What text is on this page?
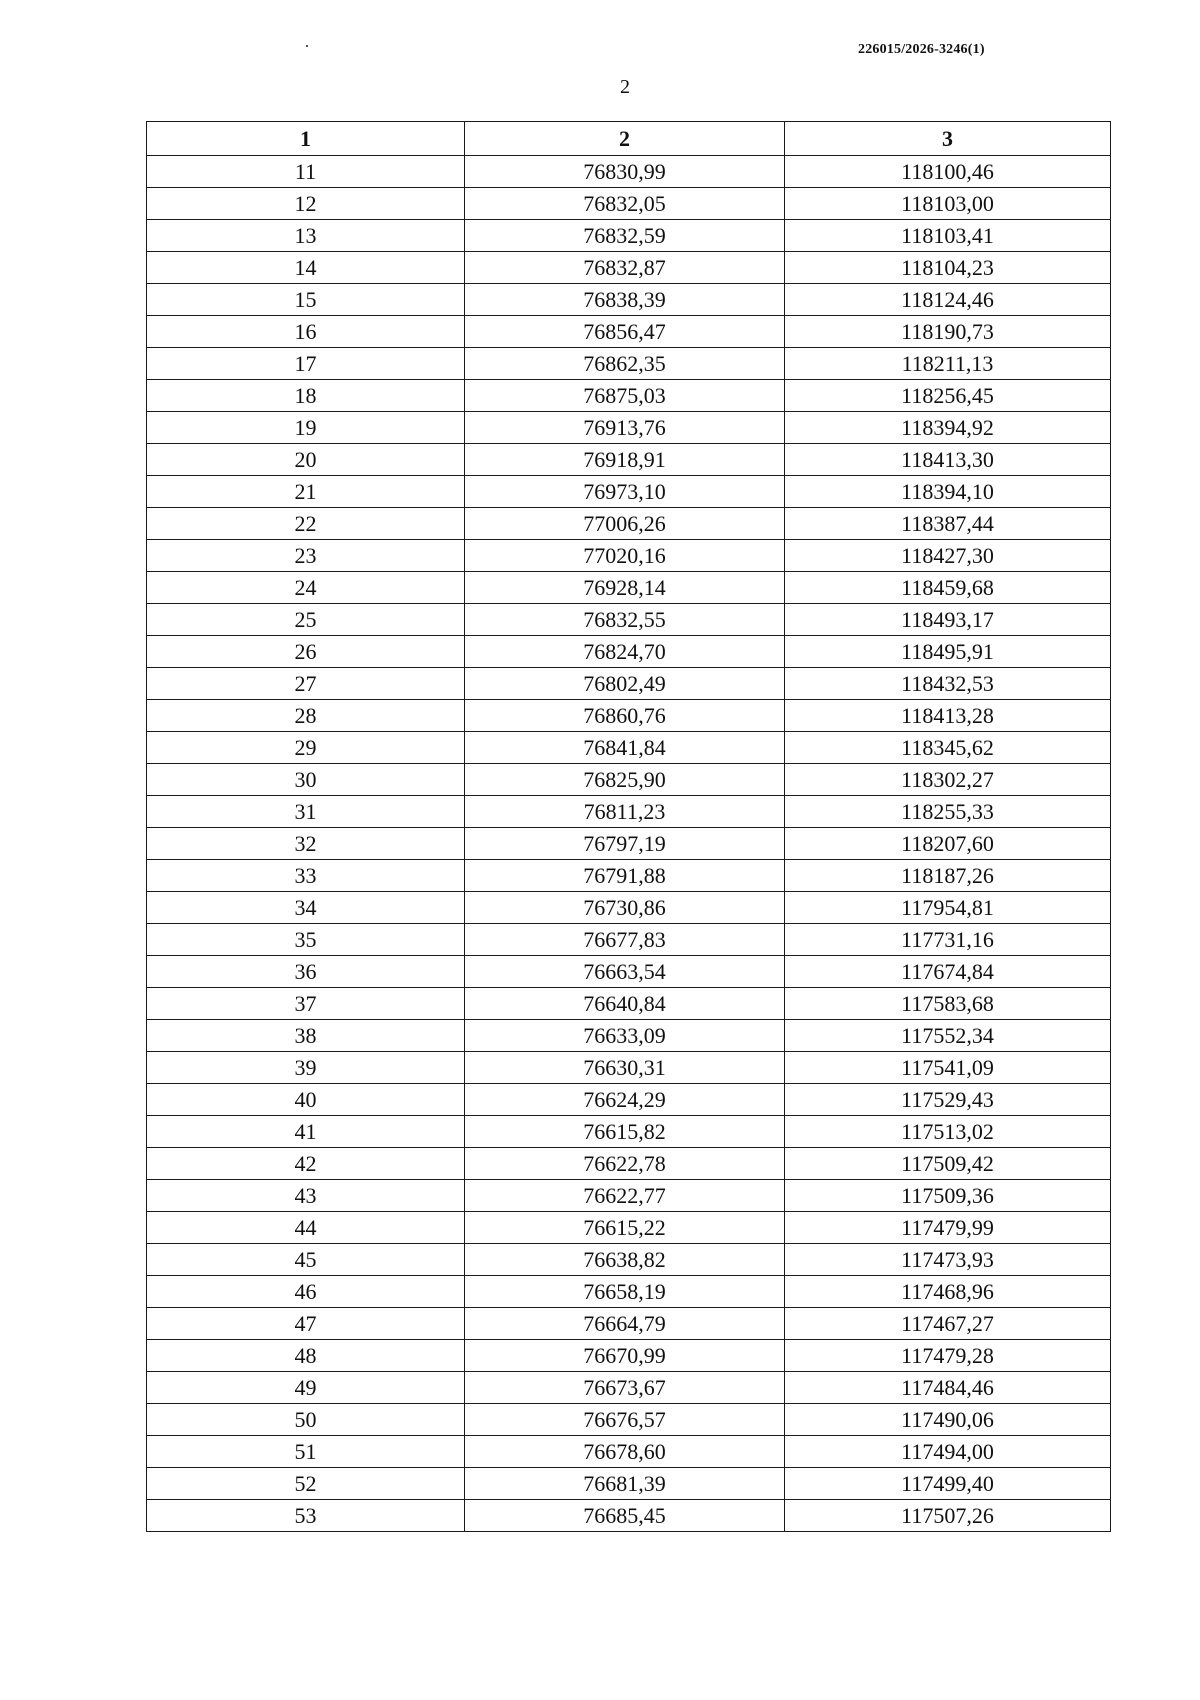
226015/2026-3246(1)
2
1	2	3
11	76830,99	118100,46
12	76832,05	118103,00
13	76832,59	118103,41
14	76832,87	118104,23
15	76838,39	118124,46
16	76856,47	118190,73
17	76862,35	118211,13
18	76875,03	118256,45
19	76913,76	118394,92
20	76918,91	118413,30
21	76973,10	118394,10
22	77006,26	118387,44
23	77020,16	118427,30
24	76928,14	118459,68
25	76832,55	118493,17
26	76824,70	118495,91
27	76802,49	118432,53
28	76860,76	118413,28
29	76841,84	118345,62
30	76825,90	118302,27
31	76811,23	118255,33
32	76797,19	118207,60
33	76791,88	118187,26
34	76730,86	117954,81
35	76677,83	117731,16
36	76663,54	117674,84
37	76640,84	117583,68
38	76633,09	117552,34
39	76630,31	117541,09
40	76624,29	117529,43
41	76615,82	117513,02
42	76622,78	117509,42
43	76622,77	117509,36
44	76615,22	117479,99
45	76638,82	117473,93
46	76658,19	117468,96
47	76664,79	117467,27
48	76670,99	117479,28
49	76673,67	117484,46
50	76676,57	117490,06
51	76678,60	117494,00
52	76681,39	117499,40
53	76685,45	117507,26
